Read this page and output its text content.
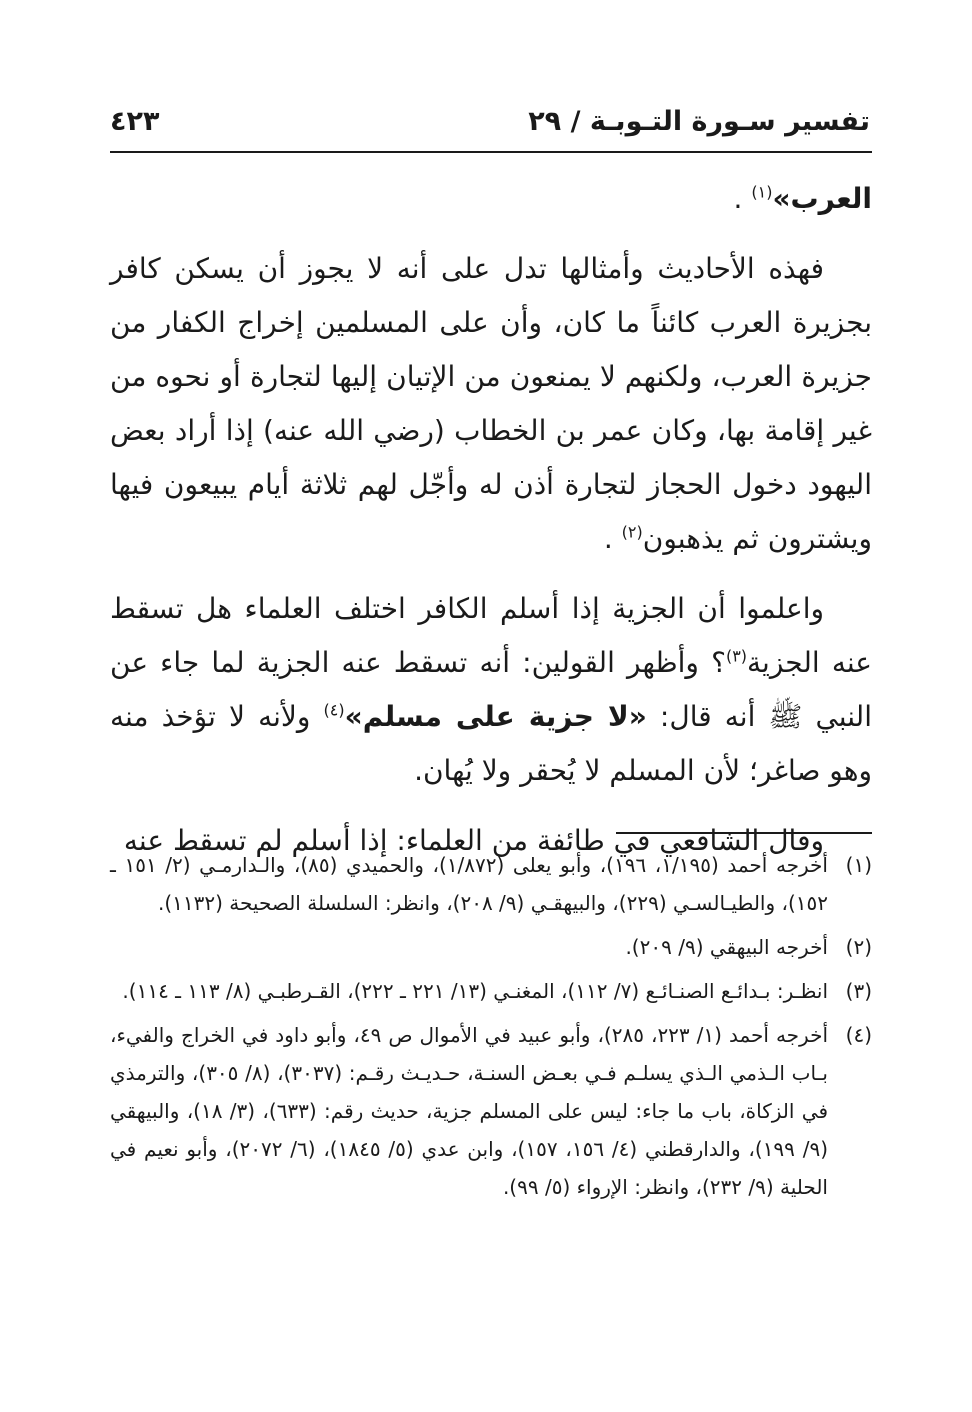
تفسير سـورة التـوبـة / ٢٩
٤٢٣

العرب»$^{(١)}$ .

فهذه الأحاديث وأمثالها تدل على أنه لا يجوز أن يسكن كافر بجزيرة العرب كائناً ما كان، وأن على المسلمين إخراج الكفار من جزيرة العرب، ولكنهم لا يمنعون من الإتيان إليها لتجارة أو نحوه من غير إقامة بها، وكان عمر بن الخطاب (رضي الله عنه) إذا أراد بعض اليهود دخول الحجاز لتجارة أذن له وأجّل لهم ثلاثة أيام يبيعون فيها ويشترون ثم يذهبون$^{(٢)}$ .

واعلموا أن الجزية إذا أسلم الكافر اختلف العلماء هل تسقط عنه الجزية$^{(٣)}$؟ وأظهر القولين: أنه تسقط عنه الجزية لما جاء عن النبي ﷺ أنه قال: «لا جزية على مسلم»$^{(٤)}$ ولأنه لا تؤخذ منه وهو صاغر؛ لأن المسلم لا يُحقر ولا يُهان.

وقال الشافعي في طائفة من العلماء: إذا أسلم لم تسقط عنه

(١)
أخرجه أحمد (١/١٩٥، ١٩٦)، وأبو يعلى (١/٨٧٢)، والحميدي (٨٥)، والـدارمـي (٢/ ١٥١ ـ ١٥٢)، والطيـالسـي (٢٢٩)، والبيهقـي (٩/ ٢٠٨)، وانظر: السلسلة الصحيحة (١١٣٢).
(٢)
أخرجه البيهقي (٩/ ٢٠٩).
(٣)
انظـر: بـدائـع الصنـائـع (٧/ ١١٢)، المغنـي (١٣/ ٢٢١ ـ ٢٢٢)، القـرطبـي (٨/ ١١٣ ـ ١١٤).
(٤)
أخرجه أحمد (١/ ٢٢٣، ٢٨٥)، وأبو عبيد في الأموال ص ٤٩، وأبو داود في الخراج والفيء، بـاب الـذمي الـذي يسلـم فـي بعـض السنـة، حـديـث رقـم: (٣٠٣٧)، (٨/ ٣٠٥)، والترمذي في الزكاة، باب ما جاء: ليس على المسلم جزية، حديث رقم: (٦٣٣)، (٣/ ١٨)، والبيهقي (٩/ ١٩٩)، والدارقطني (٤/ ١٥٦، ١٥٧)، وابن عدي (٥/ ١٨٤٥)، (٦/ ٢٠٧٢)، وأبو نعيم في الحلية (٩/ ٢٣٢)، وانظر: الإرواء (٥/ ٩٩).
